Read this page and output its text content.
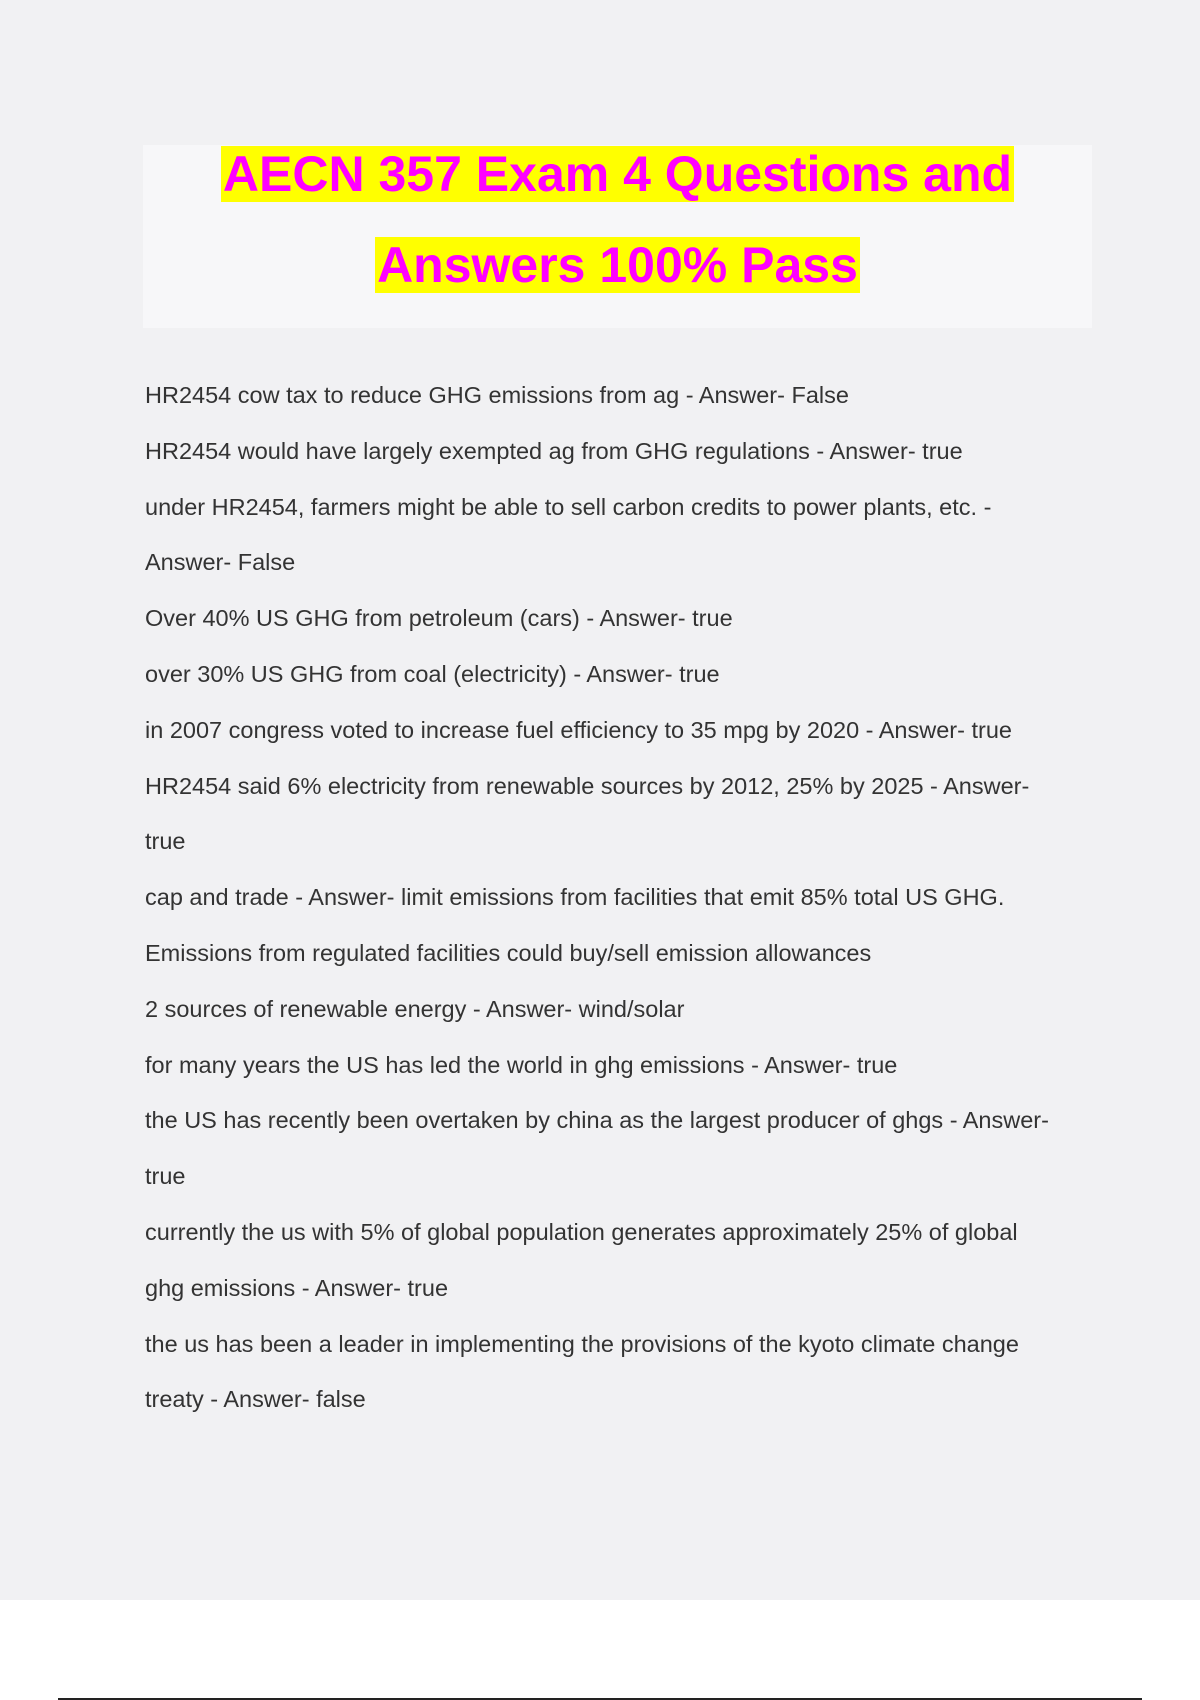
AECN 357 Exam 4 Questions and
Answers 100% Pass
HR2454 cow tax to reduce GHG emissions from ag - Answer- False
HR2454 would have largely exempted ag from GHG regulations - Answer- true
under HR2454, farmers might be able to sell carbon credits to power plants, etc. -
Answer- False
Over 40% US GHG from petroleum (cars) - Answer- true
over 30% US GHG from coal (electricity) - Answer- true
in 2007 congress voted to increase fuel efficiency to 35 mpg by 2020 - Answer- true
HR2454 said 6% electricity from renewable sources by 2012, 25% by 2025 - Answer-
true
cap and trade - Answer- limit emissions from facilities that emit 85% total US GHG.
Emissions from regulated facilities could buy/sell emission allowances
2 sources of renewable energy - Answer- wind/solar
for many years the US has led the world in ghg emissions - Answer- true
the US has recently been overtaken by china as the largest producer of ghgs - Answer-
true
currently the us with 5% of global population generates approximately 25% of global
ghg emissions - Answer- true
the us has been a leader in implementing the provisions of the kyoto climate change
treaty - Answer- false
